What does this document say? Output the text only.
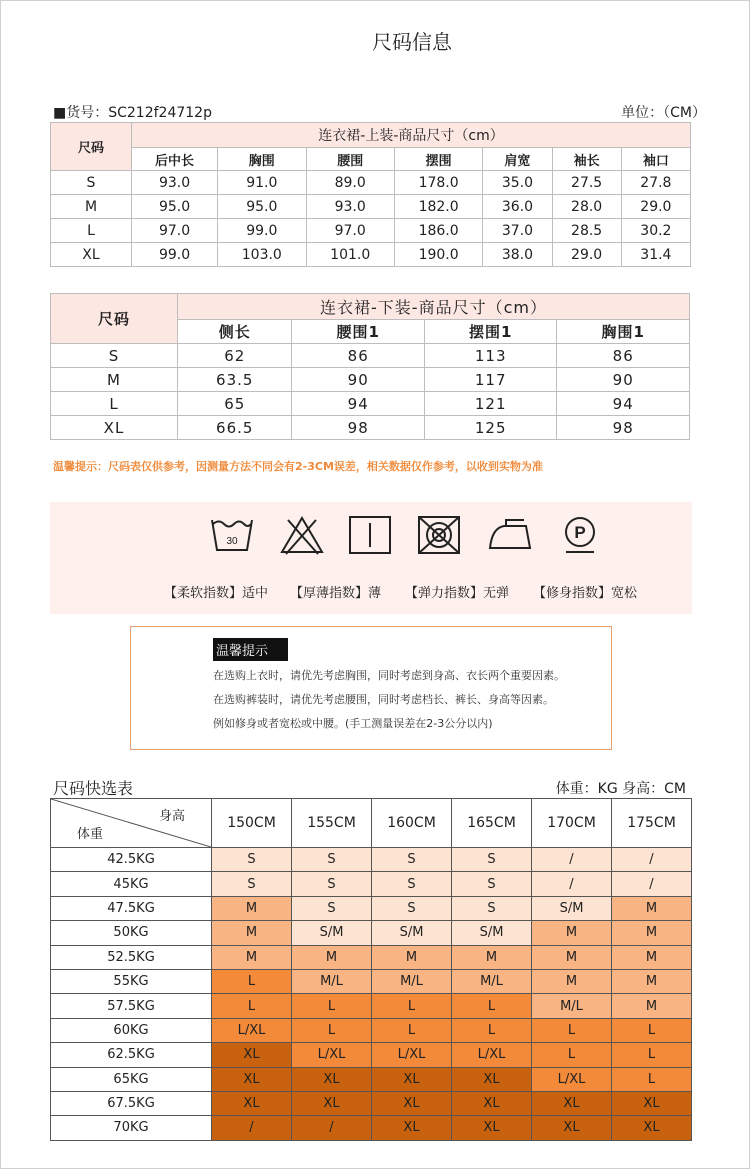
尺码信息
■货号：SC212f24712p	单位：（CM）
尺码	连衣裙-上装-商品尺寸（cm）						
	后中长	胸围	腰围	摆围	肩宽	袖长	袖口
S	93.0	91.0	89.0	178.0	35.0	27.5	27.8
M	95.0	95.0	93.0	182.0	36.0	28.0	29.0
L	97.0	99.0	97.0	186.0	37.0	28.5	30.2
XL	99.0	103.0	101.0	190.0	38.0	29.0	31.4
尺码	连衣裙-下装-商品尺寸（cm）			
	侧长	腰围1	摆围1	胸围1
S	62	86	113	86
M	63.5	90	117	90
L	65	94	121	94
XL	66.5	98	125	98
温馨提示：尺码表仅供参考，因测量方法不同会有2-3CM误差，相关数据仅作参考，以收到实物为准
30	P
【柔软指数】适中 【厚薄指数】薄 【弹力指数】无弹 【修身指数】宽松
温馨提示
在选购上衣时，请优先考虑胸围，同时考虑到身高、衣长两个重要因素。
在选购裤装时，请优先考虑腰围，同时考虑档长、裤长、身高等因素。
例如修身或者宽松或中腰。(手工测量误差在2-3公分以内)
尺码快选表	体重：KG 身高：CM
身高
体重	150CM	155CM	160CM	165CM	170CM	175CM
42.5KG	S	S	S	S	/	/
45KG	S	S	S	S	/	/
47.5KG	M	S	S	S	S/M	M
50KG	M	S/M	S/M	S/M	M	M
52.5KG	M	M	M	M	M	M
55KG	L	M/L	M/L	M/L	M	M
57.5KG	L	L	L	L	M/L	M
60KG	L/XL	L	L	L	L	L
62.5KG	XL	L/XL	L/XL	L/XL	L	L
65KG	XL	XL	XL	XL	L/XL	L
67.5KG	XL	XL	XL	XL	XL	XL
70KG	/	/	XL	XL	XL	XL
